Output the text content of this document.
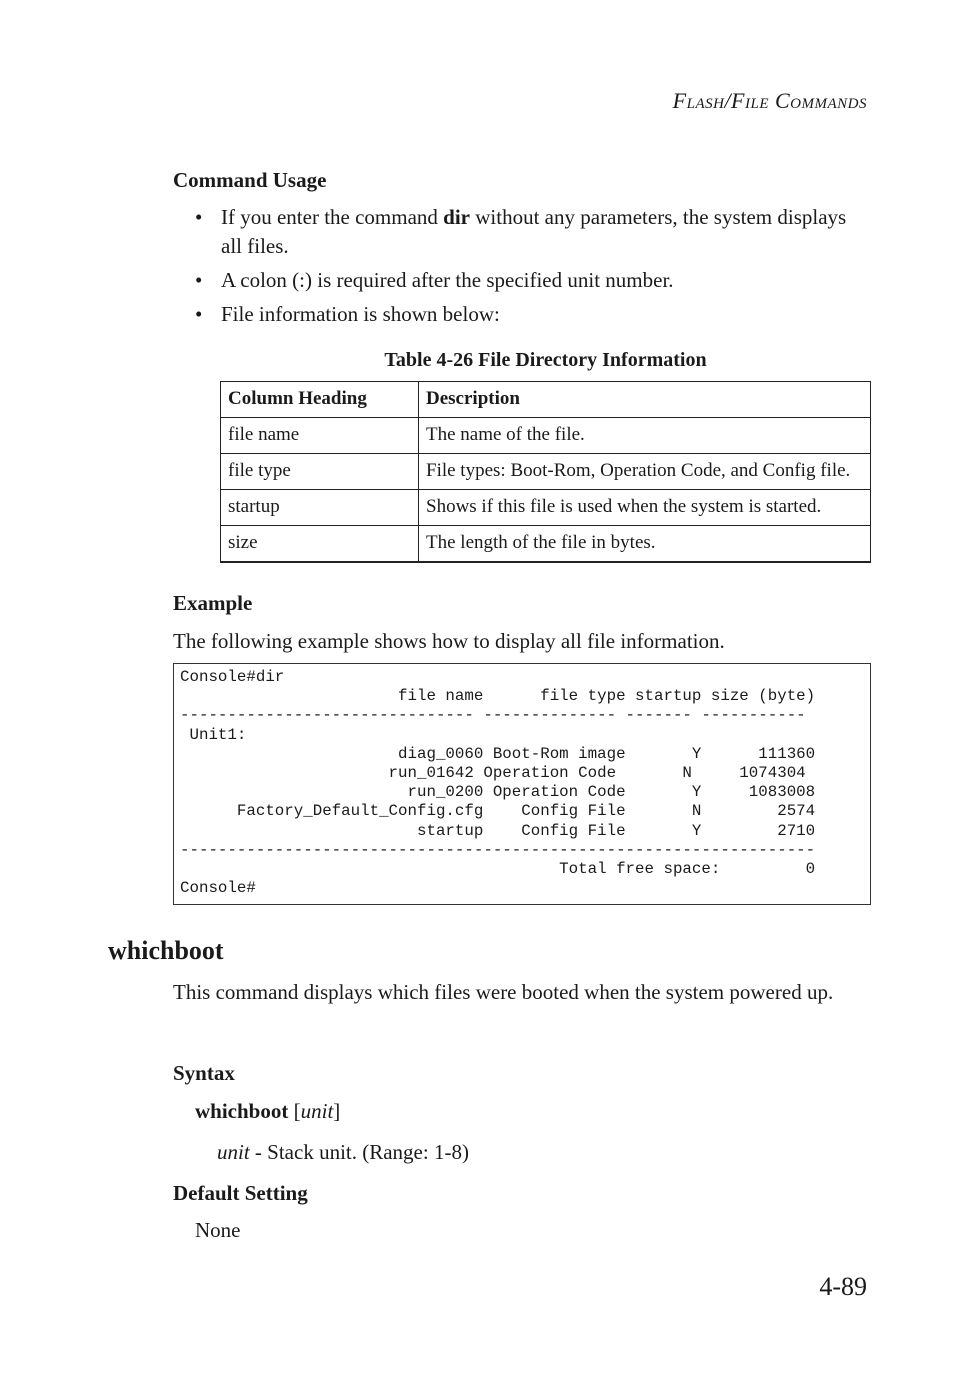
Flash/File Commands
Command Usage
• If you enter the command dir without any parameters, the system displays all files.
• A colon (:) is required after the specified unit number.
• File information is shown below:
Table 4-26 File Directory Information
Column Heading	Description
file name	The name of the file.
file type	File types: Boot-Rom, Operation Code, and Config file.
startup	Shows if this file is used when the system is started.
size	The length of the file in bytes.
Example
The following example shows how to display all file information.
Console#dir
file name      file type startup size (byte)
------------------------------- -------------- ------- -----------
Unit1:
diag_0060 Boot-Rom image       Y      111360
run_01642 Operation Code       N     1074304
run_0200 Operation Code       Y     1083008
Factory_Default_Config.cfg    Config File       N        2574
startup    Config File       Y        2710
-------------------------------------------------------------------
Total free space:         0
Console#
whichboot
This command displays which files were booted when the system powered up.
Syntax
whichboot [unit]
unit - Stack unit. (Range: 1-8)
Default Setting
None
4-89
